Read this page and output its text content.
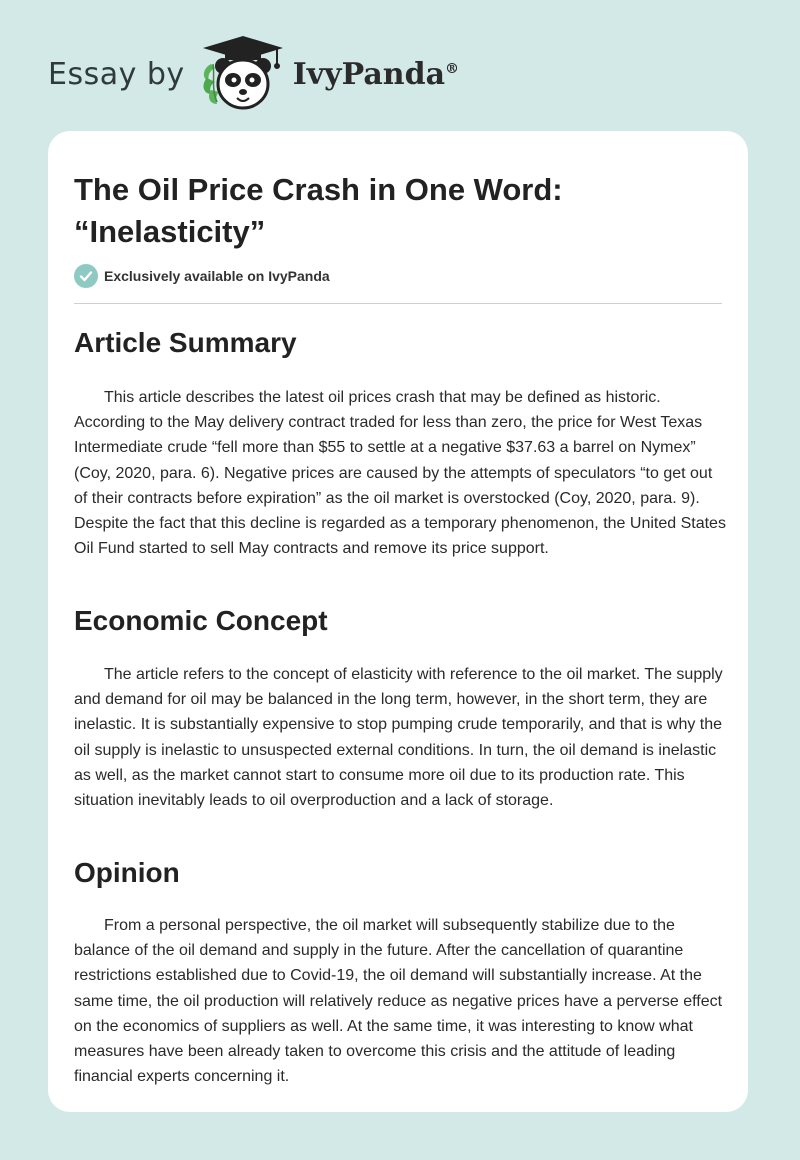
Essay by	IvyPanda®
The Oil Price Crash in One Word: “Inelasticity”
Exclusively available on IvyPanda
Article Summary

This article describes the latest oil prices crash that may be defined as historic. According to the May delivery contract traded for less than zero, the price for West Texas Intermediate crude “fell more than $55 to settle at a negative $37.63 a barrel on Nymex” (Coy, 2020, para. 6). Negative prices are caused by the attempts of speculators “to get out of their contracts before expiration” as the oil market is overstocked (Coy, 2020, para. 9). Despite the fact that this decline is regarded as a temporary phenomenon, the United States Oil Fund started to sell May contracts and remove its price support.

Economic Concept

The article refers to the concept of elasticity with reference to the oil market. The supply and demand for oil may be balanced in the long term, however, in the short term, they are inelastic. It is substantially expensive to stop pumping crude temporarily, and that is why the oil supply is inelastic to unsuspected external conditions. In turn, the oil demand is inelastic as well, as the market cannot start to consume more oil due to its production rate. This situation inevitably leads to oil overproduction and a lack of storage.

Opinion

From a personal perspective, the oil market will subsequently stabilize due to the balance of the oil demand and supply in the future. After the cancellation of quarantine restrictions established due to Covid-19, the oil demand will substantially increase. At the same time, the oil production will relatively reduce as negative prices have a perverse effect on the economics of suppliers as well. At the same time, it was interesting to know what measures have been already taken to overcome this crisis and the attitude of leading financial experts concerning it.
